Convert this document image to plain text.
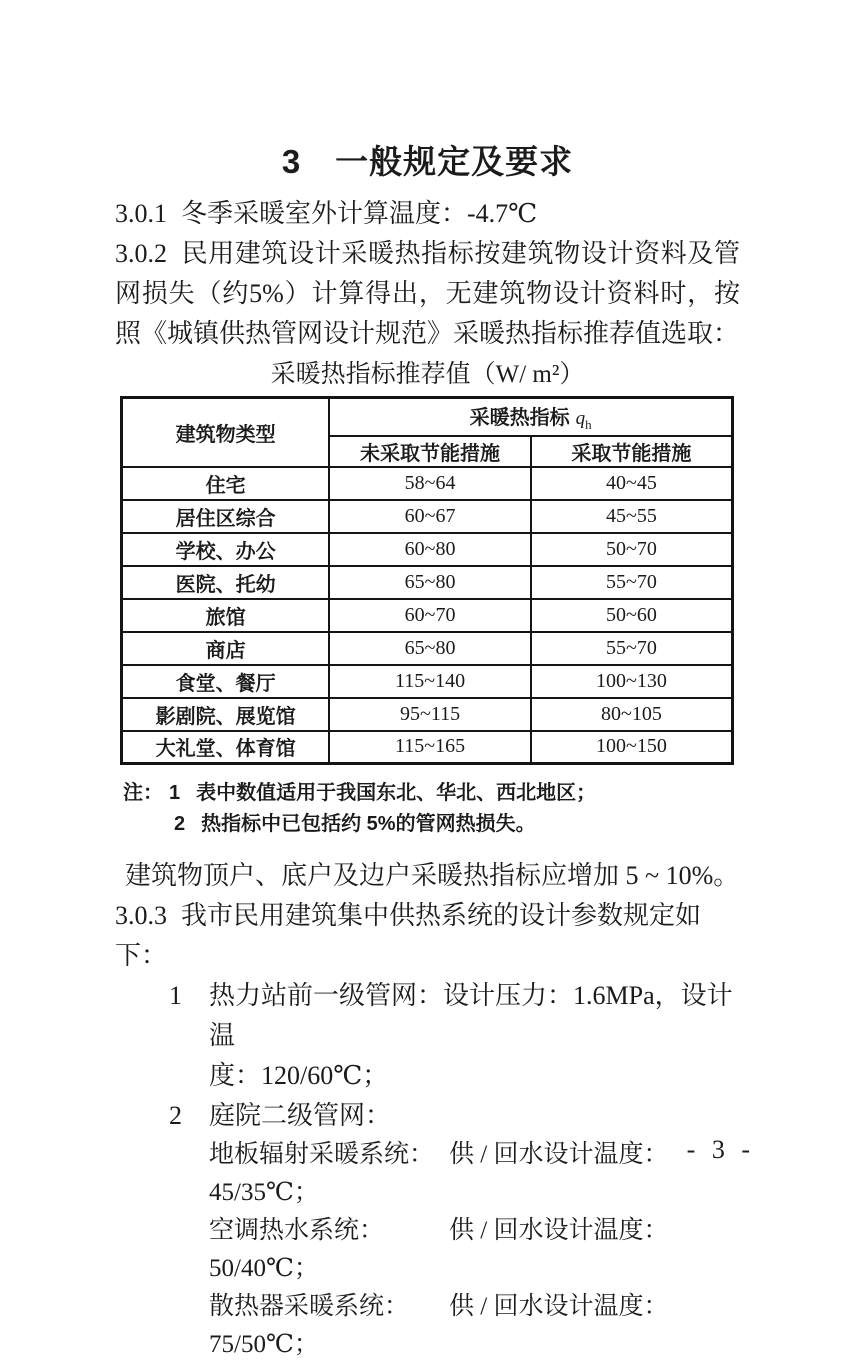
3　一般规定及要求

3.0.1 冬季采暖室外计算温度：-4.7℃

3.0.2 民用建筑设计采暖热指标按建筑物设计资料及管网损失（约5%）计算得出，无建筑物设计资料时，按照《城镇供热管网设计规范》采暖热指标推荐值选取：

采暖热指标推荐值（W/ m²）
建筑物类型	采暖热指标 $q_h$
	未采取节能措施	采取节能措施
住宅	58~64	40~45
居住区综合	60~67	45~55
学校、办公	60~80	50~70
医院、托幼	65~80	55~70
旅馆	60~70	50~60
商店	65~80	55~70
食堂、餐厅	115~140	100~130
影剧院、展览馆	95~115	80~105
大礼堂、体育馆	115~165	100~150
注： 1 表中数值适用于我国东北、华北、西北地区；
2 热指标中已包括约 5%的管网热损失。

建筑物顶户、底户及边户采暖热指标应增加 5 ~ 10%。

3.0.3 我市民用建筑集中供热系统的设计参数规定如下：

1	热力站前一级管网：设计压力：1.6MPa，设计温
度：120/60℃；
2	庭院二级管网：
地板辐射采暖系统： 供 / 回水设计温度：45/35℃；
空调热水系统：	供 / 回水设计温度：50/40℃；
散热器采暖系统： 供 / 回水设计温度：75/50℃；
- 3 -
